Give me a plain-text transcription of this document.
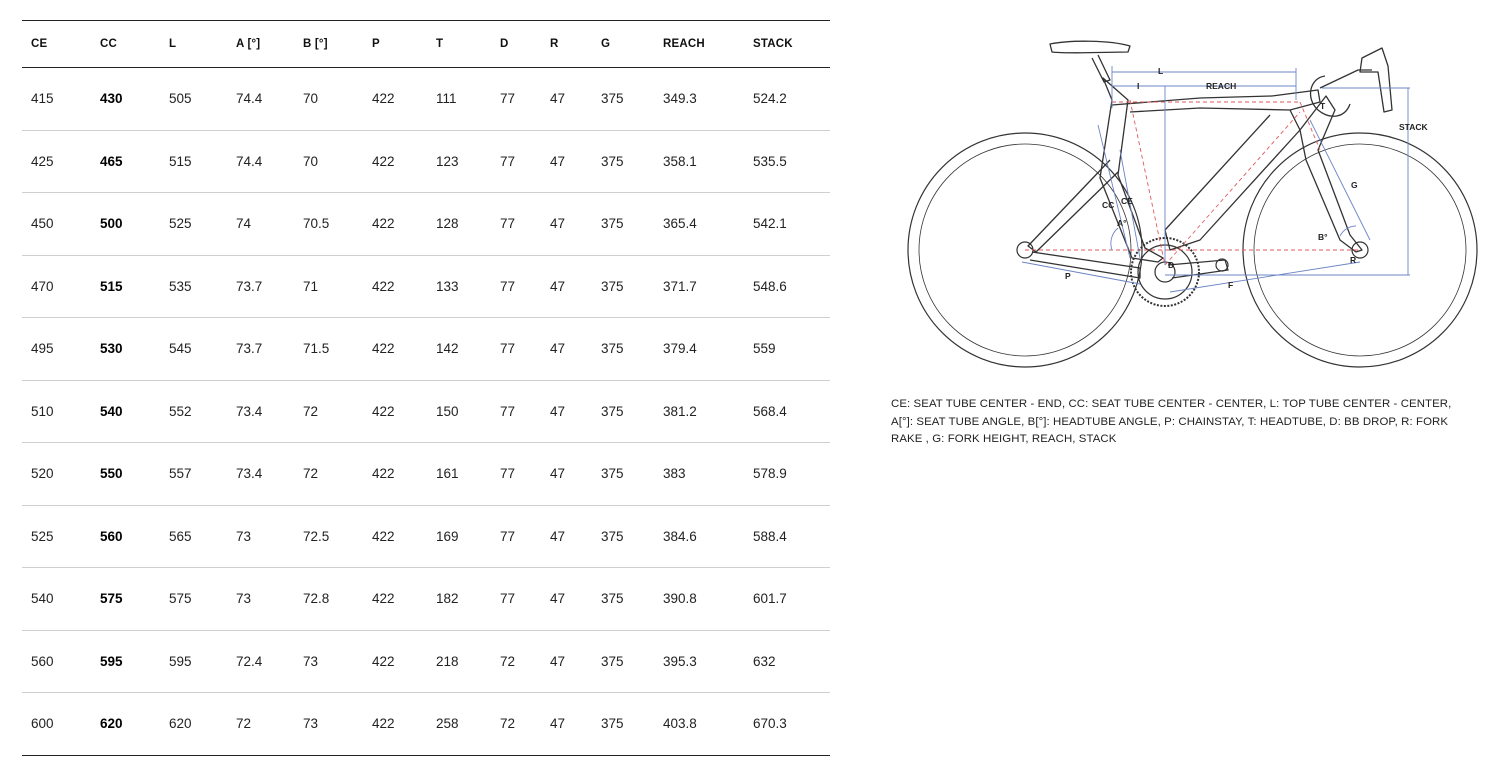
CE	CC	L	A [°]	B [°]	P	T	D	R	G	REACH	STACK
415	430	505	74.4	70	422	111	77	47	375	349.3	524.2
425	465	515	74.4	70	422	123	77	47	375	358.1	535.5
450	500	525	74	70.5	422	128	77	47	375	365.4	542.1
470	515	535	73.7	71	422	133	77	47	375	371.7	548.6
495	530	545	73.7	71.5	422	142	77	47	375	379.4	559
510	540	552	73.4	72	422	150	77	47	375	381.2	568.4
520	550	557	73.4	72	422	161	77	47	375	383	578.9
525	560	565	73	72.5	422	169	77	47	375	384.6	588.4
540	575	575	73	72.8	422	182	77	47	375	390.8	601.7
560	595	595	72.4	73	422	218	72	47	375	395.3	632
600	620	620	72	73	422	258	72	47	375	403.8	670.3
L
I	REACH
T
STACK
G
CC CE
A°
B°
D
P
F
R
CE: SEAT TUBE CENTER - END, CC: SEAT TUBE CENTER - CENTER, L: TOP TUBE CENTER - CENTER, A[°]: SEAT TUBE ANGLE, B[°]: HEADTUBE ANGLE, P: CHAINSTAY, T: HEADTUBE, D: BB DROP, R: FORK RAKE , G: FORK HEIGHT, REACH, STACK
